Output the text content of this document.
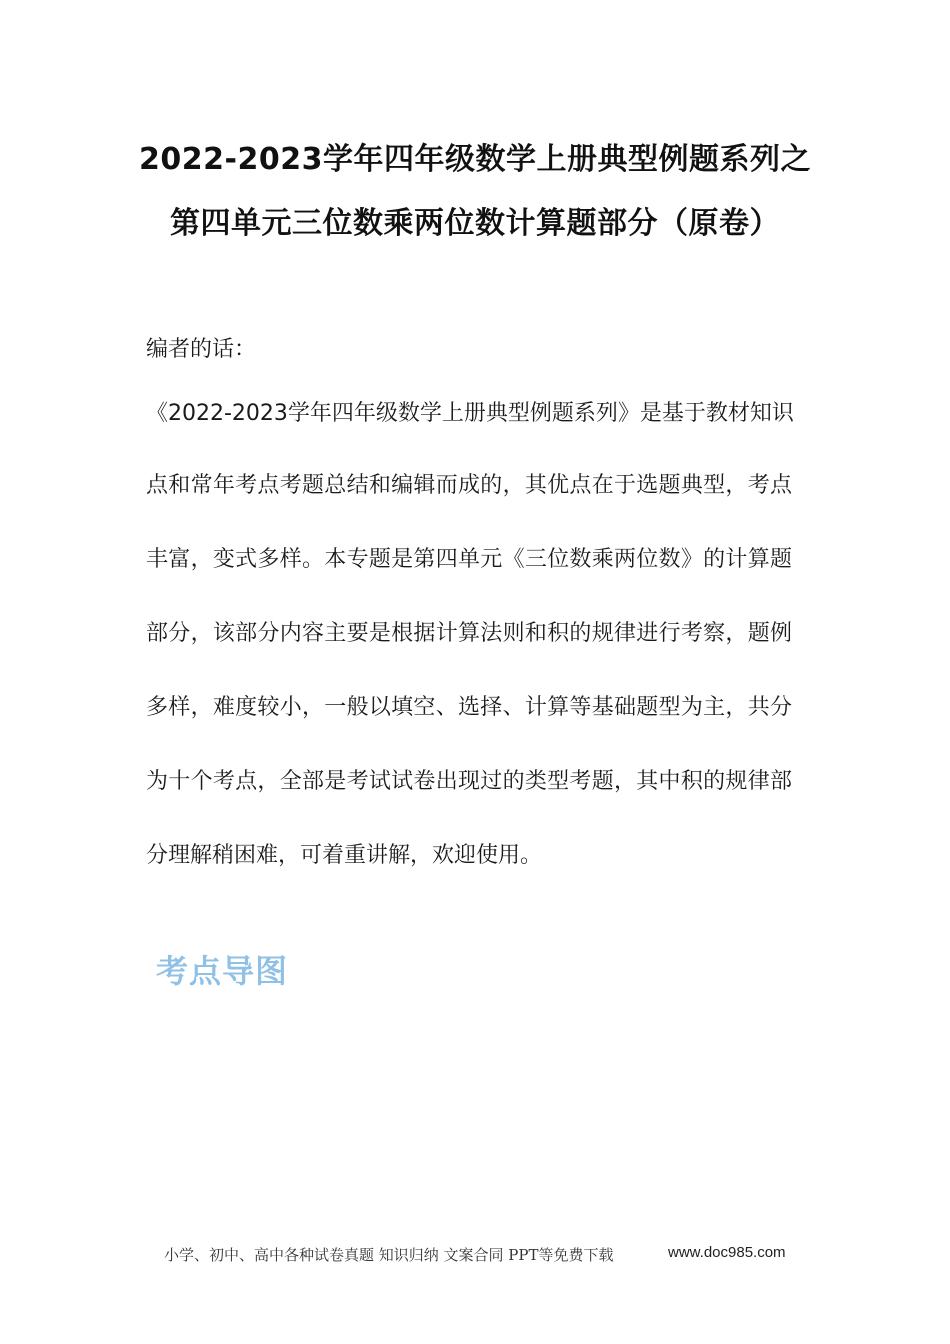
2022-2023学年四年级数学上册典型例题系列之
第四单元三位数乘两位数计算题部分（原卷）
编者的话：
《2022-2023学年四年级数学上册典型例题系列》是基于教材知识
点和常年考点考题总结和编辑而成的，其优点在于选题典型，考点
丰富，变式多样。本专题是第四单元《三位数乘两位数》的计算题
部分，该部分内容主要是根据计算法则和积的规律进行考察，题例
多样，难度较小，一般以填空、选择、计算等基础题型为主，共分
为十个考点，全部是考试试卷出现过的类型考题，其中积的规律部
分理解稍困难，可着重讲解，欢迎使用。
考点导图
小学、初中、高中各种试卷真题 知识归纳 文案合同 PPT等免费下载	www.doc985.com
